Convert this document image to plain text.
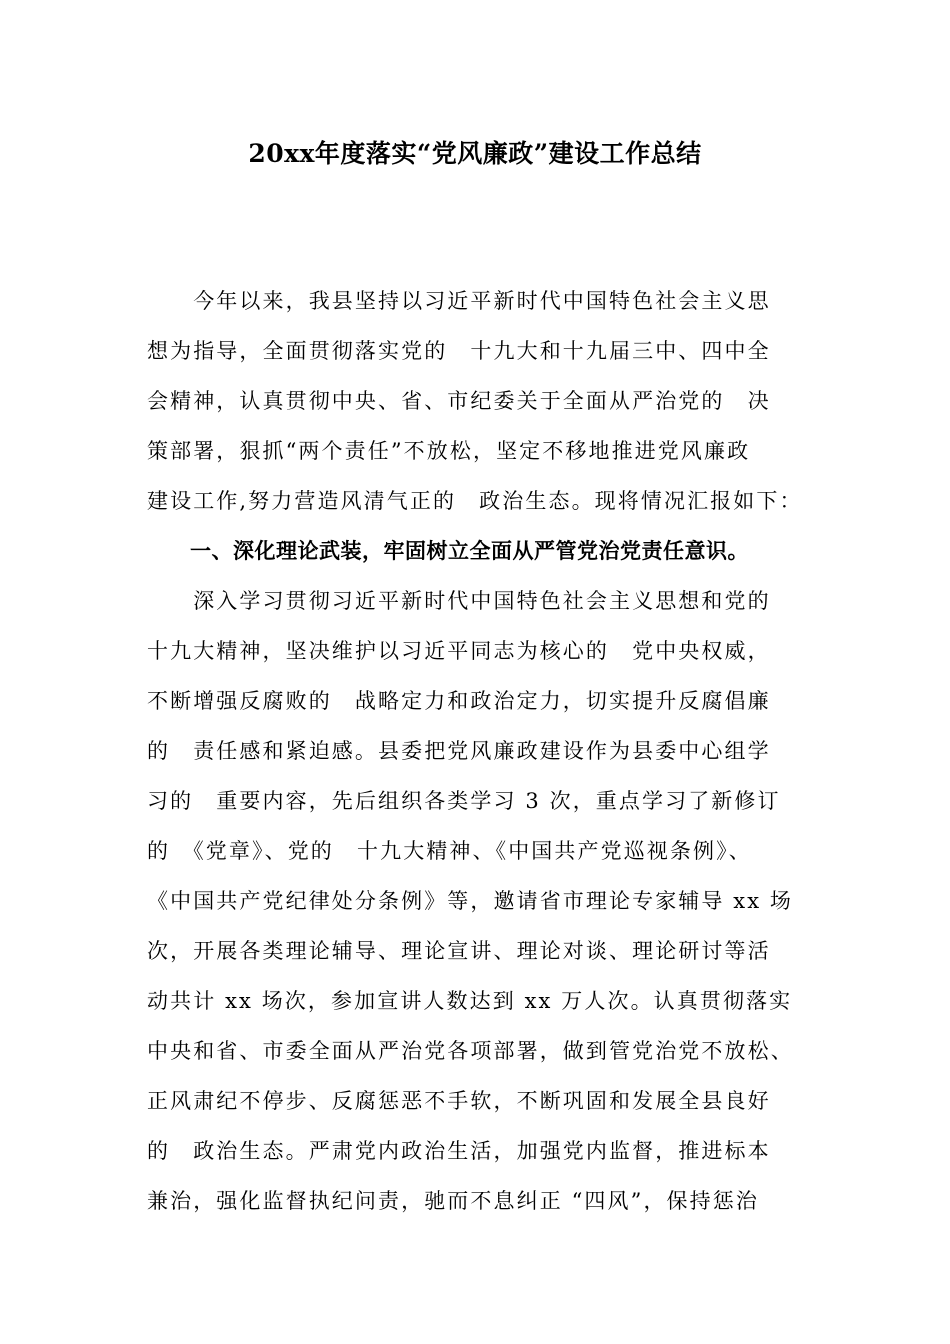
20xx年度落实“党风廉政”建设工作总结
　　今年以来，我县坚持以习近平新时代中国特色社会主义思
想为指导，全面贯彻落实党的　十九大和十九届三中、四中全
会精神，认真贯彻中央、省、市纪委关于全面从严治党的　决
策部署，狠抓“两个责任”不放松，坚定不移地推进党风廉政
建设工作,努力营造风清气正的　政治生态。现将情况汇报如下：
　　一、深化理论武装，牢固树立全面从严管党治党责任意识。
　　深入学习贯彻习近平新时代中国特色社会主义思想和党的
十九大精神，坚决维护以习近平同志为核心的　党中央权威，
不断增强反腐败的　战略定力和政治定力，切实提升反腐倡廉
的　责任感和紧迫感。县委把党风廉政建设作为县委中心组学
习的　重要内容，先后组织各类学习 3 次，重点学习了新修订
的　《党章》、党的　十九大精神、《中国共产党巡视条例》、
《中国共产党纪律处分条例》等，邀请省市理论专家辅导 xx 场
次，开展各类理论辅导、理论宣讲、理论对谈、理论研讨等活
动共计 xx 场次，参加宣讲人数达到 xx 万人次。认真贯彻落实
中央和省、市委全面从严治党各项部署，做到管党治党不放松、
正风肃纪不停步、反腐惩恶不手软，不断巩固和发展全县良好
的　政治生态。严肃党内政治生活，加强党内监督，推进标本
兼治，强化监督执纪问责，驰而不息纠正 “四风”，保持惩治
